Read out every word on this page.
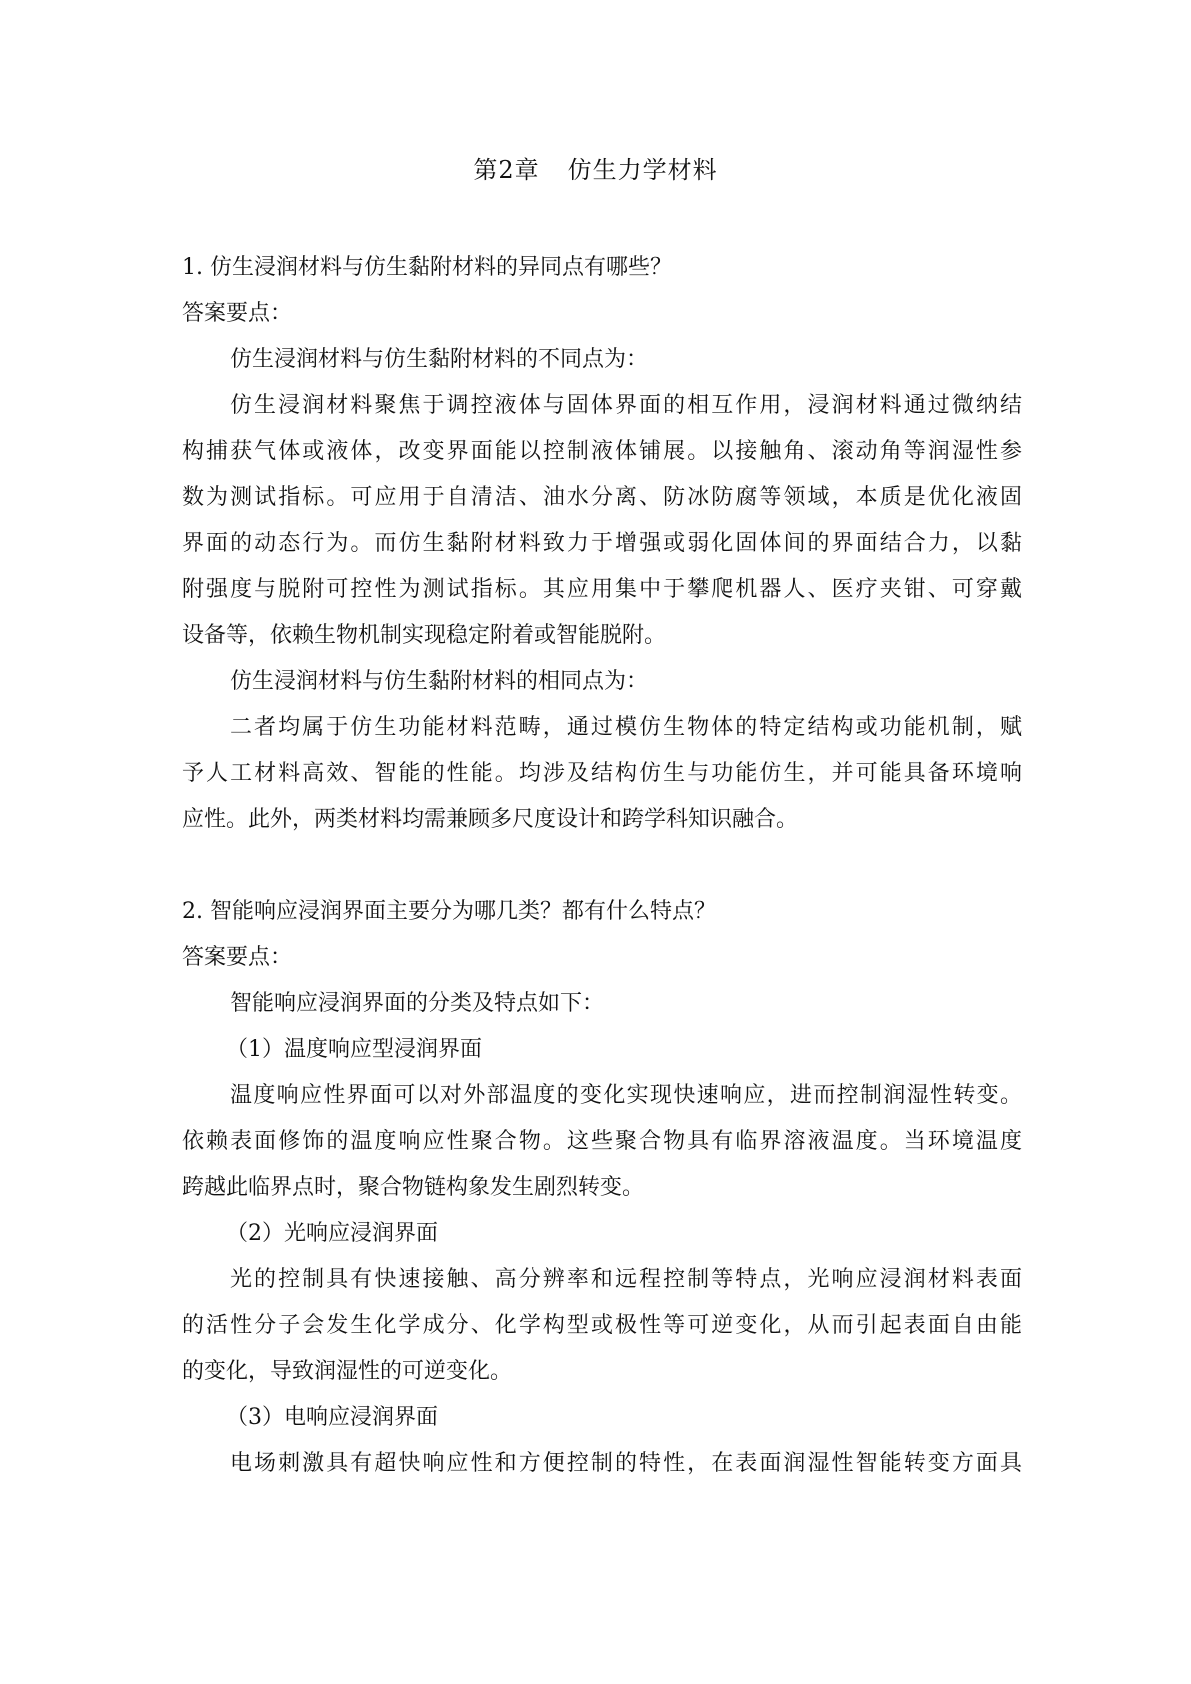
第2章 仿生力学材料
1. 仿生浸润材料与仿生黏附材料的异同点有哪些？
答案要点：
仿生浸润材料与仿生黏附材料的不同点为：
仿生浸润材料聚焦于调控液体与固体界面的相互作用，浸润材料通过微纳结
构捕获气体或液体，改变界面能以控制液体铺展。以接触角、滚动角等润湿性参
数为测试指标。可应用于自清洁、油水分离、防冰防腐等领域，本质是优化液固
界面的动态行为。而仿生黏附材料致力于增强或弱化固体间的界面结合力，以黏
附强度与脱附可控性为测试指标。其应用集中于攀爬机器人、医疗夹钳、可穿戴
设备等，依赖生物机制实现稳定附着或智能脱附。
仿生浸润材料与仿生黏附材料的相同点为：
二者均属于仿生功能材料范畴，通过模仿生物体的特定结构或功能机制，赋
予人工材料高效、智能的性能。均涉及结构仿生与功能仿生，并可能具备环境响
应性。此外，两类材料均需兼顾多尺度设计和跨学科知识融合。
2. 智能响应浸润界面主要分为哪几类？都有什么特点？
答案要点：
智能响应浸润界面的分类及特点如下：
（1）温度响应型浸润界面
温度响应性界面可以对外部温度的变化实现快速响应，进而控制润湿性转变。
依赖表面修饰的温度响应性聚合物。这些聚合物具有临界溶液温度。当环境温度
跨越此临界点时，聚合物链构象发生剧烈转变。
（2）光响应浸润界面
光的控制具有快速接触、高分辨率和远程控制等特点，光响应浸润材料表面
的活性分子会发生化学成分、化学构型或极性等可逆变化，从而引起表面自由能
的变化，导致润湿性的可逆变化。
（3）电响应浸润界面
电场刺激具有超快响应性和方便控制的特性，在表面润湿性智能转变方面具
